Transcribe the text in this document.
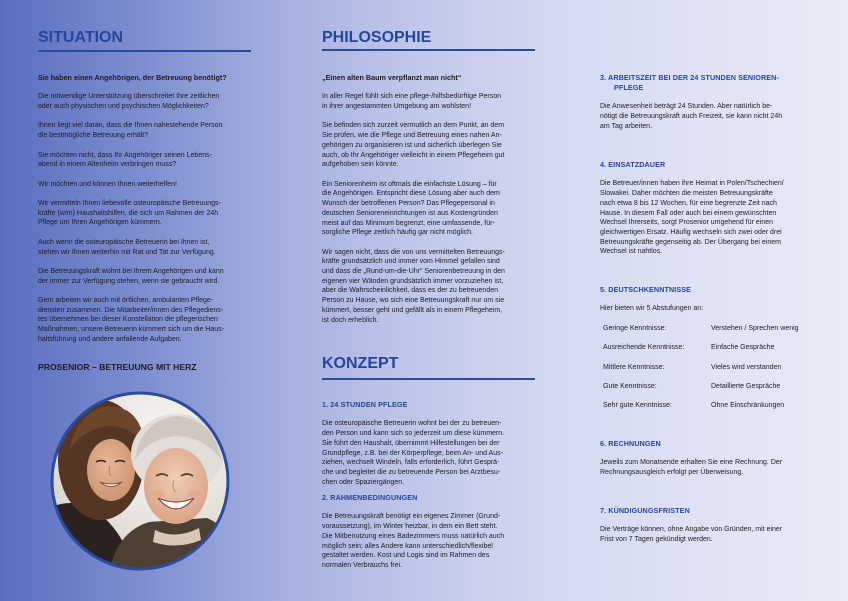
SITUATION

Sie haben einen Angehörigen, der Betreuung benötigt?

Die notwendige Unterstützung überschreitet Ihre zeitlichen
oder auch physischen und psychischen Möglichkeiten?

Ihnen liegt viel daran, dass die Ihnen nahestehende Person
die bestmögliche Betreuung erhält?

Sie möchten nicht, dass Ihr Angehöriger seinen Lebens-
abend in einem Altenheim verbringen muss?

Wir möchten und können Ihnen weiterhelfen!

Wir vermitteln Ihnen liebevolle osteuropäische Betreuungs-
kräfte (w/m) Haushaltshilfen, die sich um Rahmen der 24h
Pflege um Ihren Angehörigen kümmern.

Auch wenn die osteuropäische Betreuerin bei Ihnen ist,
stehen wir Ihnen weiterhin mit Rat und Tat zur Verfügung.

Die Betreuungskraft wohnt bei Ihrem Angehörigen und kann
der immer zur Verfügung stehen, wenn sie gebraucht wird.

Gern arbeiten wir auch mit örtlichen, ambulanten Pflege-
diensten zusammen. Die Mitarbeiter/innen des Pflegediens-
tes übernehmen bei dieser Konstellation die pflegerischen
Maßnahmen, unsere Betreuerin kümmert sich um die Haus-
haltsführung und andere anfallende Aufgaben.

PROSENIOR – BETREUUNG MIT HERZ

PHILOSOPHIE

„Einen alten Baum verpflanzt man nicht“

In aller Regel fühlt sich eine pflege-/hilfsbedürftige Person
in ihrer angestammten Umgebung am wohlsten!

Sie befinden sich zurzeit vermutlich an dem Punkt, an dem
Sie prüfen, wie die Pflege und Betreuung eines nahen An-
gehörigen zu organisieren ist und sicherlich überlegen Sie
auch, ob Ihr Angehöriger vielleicht in einem Pflegeheim gut
aufgehoben sein könnte.

Ein Seniorenheim ist oftmals die einfachste Lösung – für
die Angehörigen. Entspricht diese Lösung aber auch dem
Wunsch der betroffenen Person? Das Pflegepersonal in
deutschen Senioreneinrichtungen ist aus Kostengründen
meist auf das Minimum begrenzt, eine umfassende, für-
sorgliche Pflege zeitlich häufig gar nicht möglich.

Wir sagen nicht, dass die von uns vermittelten Betreuungs-
kräfte grundsätzlich und immer vom Himmel gefallen sind
und dass die „Rund-um-die-Uhr“ Seniorenbetreuung in den
eigenen vier Wänden grundsätzlich immer vorzuziehen ist,
aber die Wahrscheinlichkeit, dass es der zu betreuenden
Person zu Hause, wo sich eine Betreuungskraft nur um sie
kümmert, besser geht und gefällt als in einem Pflegeheim,
ist doch erheblich.

KONZEPT
1. 24 STUNDEN PFLEGE

Die osteuropäische Betreuerin wohnt bei der zu betreuen-
den Person und kann sich so jederzeit um diese kümmern.
Sie führt den Haushalt, übernimmt Hilfestellungen bei der
Grundpflege, z.B. bei der Körperpflege, beim An- und Aus-
ziehen, wechselt Windeln, falls erforderlich, führt Gesprä-
che und begleitet die zu betreuende Person bei Arztbesu-
chen oder Spaziergängen.

2. RAHMENBEDINGUNGEN

Die Betreuungskraft benötigt ein eigenes Zimmer (Grund-
voraussetzung), im Winter heizbar, in dem ein Bett steht.
Die Mitbenutzung eines Badezimmers muss natürlich auch
möglich sein; alles Andere kann unterschiedlich/flexibel
gestaltet werden. Kost und Logis sind im Rahmen des
normalen Verbrauchs frei.

3. ARBEITSZEIT BEI DER 24 STUNDEN SENIOREN-
PFLEGE

Die Anwesenheit beträgt 24 Stunden. Aber natürlich be-
nötigt die Betreuungskraft auch Freizeit, sie kann nicht 24h
am Tag arbeiten.

4. EINSATZDAUER

Die Betreuer/innen haben ihre Heimat in Polen/Tschechien/
Slowakei. Daher möchten die meisten Betreuungskräfte
nach etwa 8 bis 12 Wochen, für eine begrenzte Zeit nach
Hause. In diesem Fall oder auch bei einem gewünschten
Wechsel Ihrerseits, sorgt Prosenior umgehend für einen
gleichwertigen Ersatz. Häufig wechseln sich zwei oder drei
Betreuungskräfte gegenseitig ab. Der Übergang bei einem
Wechsel ist nahtlos.

5. DEUTSCHKENNTNISSE

Hier bieten wir 5 Abstufungen an:

Geringe Kenntnisse:	Verstehen / Sprechen wenig
Ausreichende Kenntnisse:	Einfache Gespräche
Mittlere Kenntnisse:	Vieles wird verstanden
Gute Kenntnisse:	Detaillierte Gespräche
Sehr gute Kenntnisse:	Ohne Einschränkungen
6. RECHNUNGEN

Jeweils zum Monatsende erhalten Sie eine Rechnung. Der
Rechnungsausgleich erfolgt per Überweisung.

7. KÜNDIGUNGSFRISTEN

Die Verträge können, ohne Angabe von Gründen, mit einer
Frist von 7 Tagen gekündigt werden.
